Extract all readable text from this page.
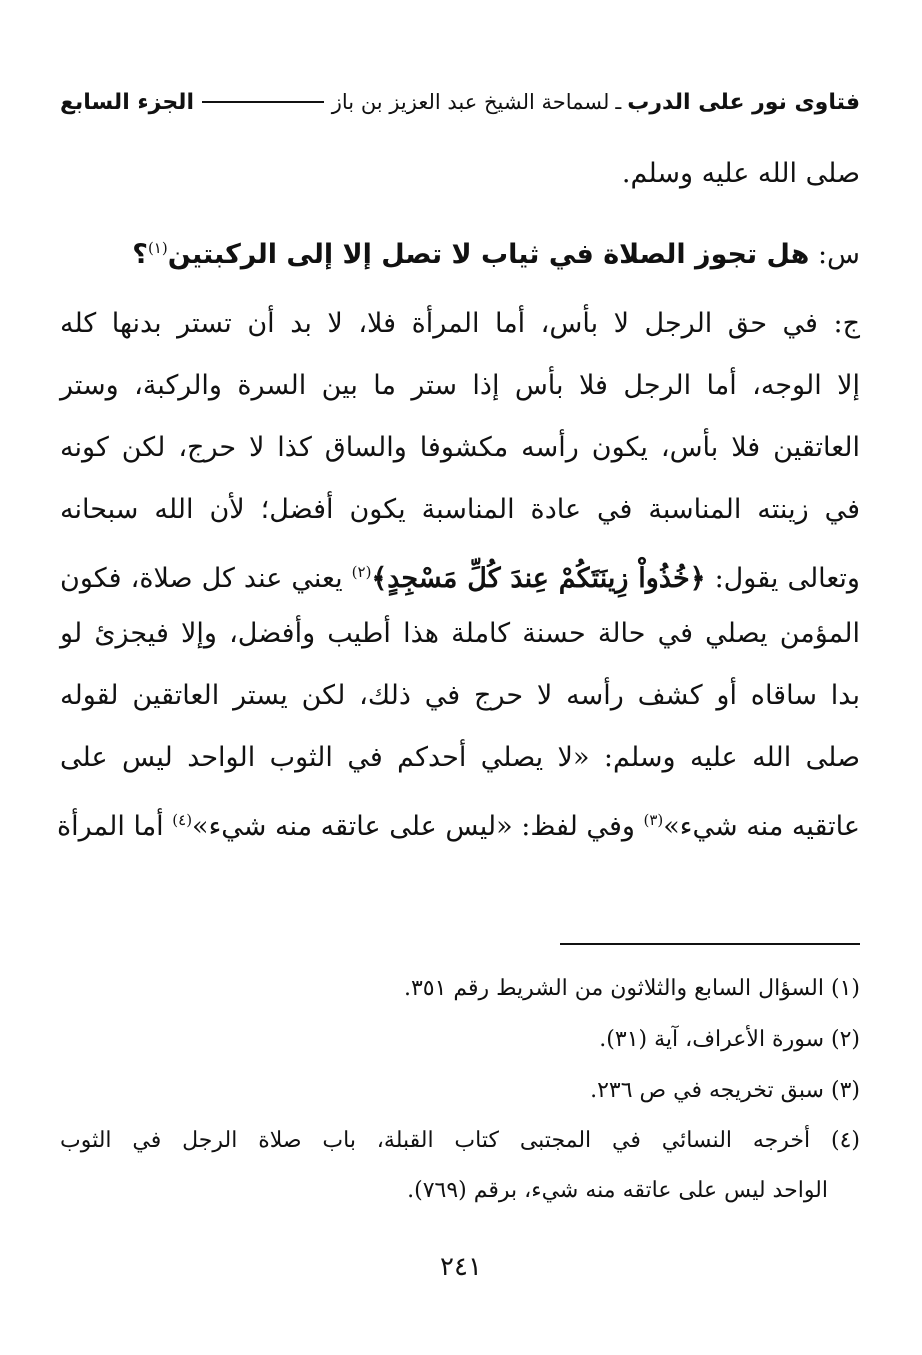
فتاوى نور على الدرب
ـ
لسماحة الشيخ عبد العزيز بن باز
الجزء السابع
صلى الله عليه وسلم.
س: هل تجوز الصلاة في ثياب لا تصل إلا إلى الركبتين$^{(١)}$؟
ج: في حق الرجل لا بأس، أما المرأة فلا، لا بد أن تستر بدنها كله
إلا الوجه، أما الرجل فلا بأس إذا ستر ما بين السرة والركبة، وستر
العاتقين فلا بأس، يكون رأسه مكشوفا والساق كذا لا حرج، لكن كونه
في زينته المناسبة في عادة المناسبة يكون أفضل؛ لأن الله سبحانه
وتعالى يقول: ﴿خُذُواْ زِينَتَكُمْ عِندَ كُلِّ مَسْجِدٍ﴾$^{(٢)}$ يعني عند كل صلاة، فكون
المؤمن يصلي في حالة حسنة كاملة هذا أطيب وأفضل، وإلا فيجزئ لو
بدا ساقاه أو كشف رأسه لا حرج في ذلك، لكن يستر العاتقين لقوله
صلى الله عليه وسلم: «لا يصلي أحدكم في الثوب الواحد ليس على
عاتقيه منه شيء»$^{(٣)}$ وفي لفظ: «ليس على عاتقه منه شيء»$^{(٤)}$ أما المرأة
(١) السؤال السابع والثلاثون من الشريط رقم ٣٥١.
(٢) سورة الأعراف، آية (٣١).
(٣) سبق تخريجه في ص ٢٣٦.
(٤) أخرجه النسائي في المجتبى كتاب القبلة، باب صلاة الرجل في الثوب
الواحد ليس على عاتقه منه شيء، برقم (٧٦٩).
٢٤١
